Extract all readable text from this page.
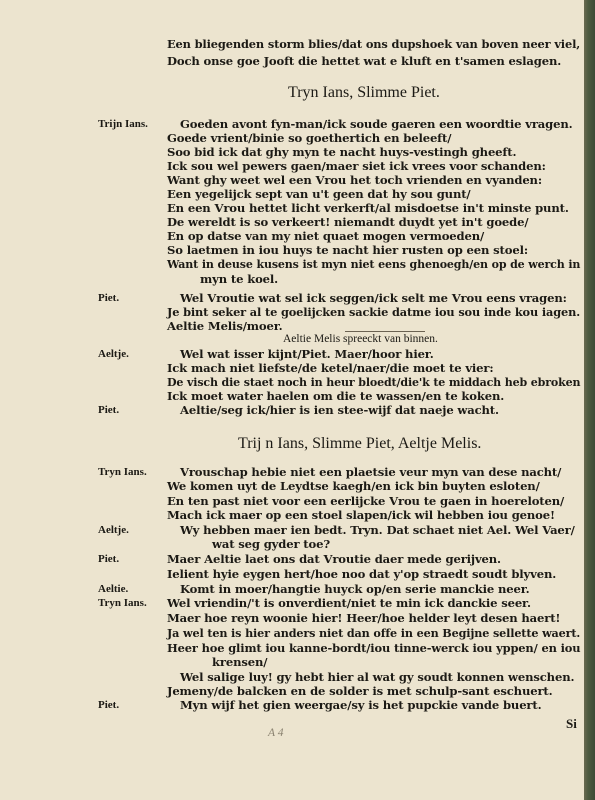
Een bliegenden storm blies/dat ons dupshoek van boven neer viel,
Doch onse goe Jooft die hettet wat e kluft en t'samen eslagen.
Tryn Ians, Slimme Piet.
Trijn Ians.
Piet.
Aeltje.
Piet.
Goeden avont fyn-man/ick soude gaeren een woordtie vragen.
Goede vrient/binie so goethertich en beleeft/
Soo bid ick dat ghy myn te nacht huys-vestingh gheeft.
Ick sou wel pewers gaen/maer siet ick vrees voor schanden:
Want ghy weet wel een Vrou het toch vrienden en vyanden:
Een yegelijck sept van u't geen dat hy sou gunt/
En een Vrou hettet licht verkerft/al misdoetse in't minste punt.
De wereldt is so verkeert! niemandt duydt yet in't goede/
En op datse van my niet quaet mogen vermoeden/
So laetmen in iou huys te nacht hier rusten op een stoel:
Want in deuse kusens ist myn niet eens ghenoegh/en op de werch in
myn te koel.
Wel Vroutie wat sel ick seggen/ick selt me Vrou eens vragen:
Je bint seker al te goelijcken sackie datme iou sou inde kou iagen.
Aeltie Melis/moer.
Aeltie Melis spreeckt van binnen.
Wel wat isser kijnt/Piet. Maer/hoor hier.
Ick mach niet liefste/de ketel/naer/die moet te vier:
De visch die staet noch in heur bloedt/die'k te middach heb ebroken
Ick moet water haelen om die te wassen/en te koken.
Aeltie/seg ick/hier is ien stee-wijf dat naeje wacht.
Trij n Ians, Slimme Piet, Aeltje Melis.
Tryn Ians.
Aeltje.
Piet.
Aeltie.
Tryn Ians.
Piet.
Vrouschap hebie niet een plaetsie veur myn van dese nacht/
We komen uyt de Leydtse kaegh/en ick bin buyten esloten/
En ten past niet voor een eerlijcke Vrou te gaen in hoereloten/
Mach ick maer op een stoel slapen/ick wil hebben iou genoe!
Wy hebben maer ien bedt. Tryn. Dat schaet niet Ael. Wel Vaer/
wat seg gyder toe?
Maer Aeltie laet ons dat Vroutie daer mede gerijven.
Ielient hyie eygen hert/hoe noo dat y'op straedt soudt blyven.
Komt in moer/hangtie huyck op/en serie manckie neer.
Wel vriendin/'t is onverdient/niet te min ick danckie seer.
Maer hoe reyn woonie hier! Heer/hoe helder leyt desen haert!
Ja wel ten is hier anders niet dan offe in een Begijne sellette waert.
Heer hoe glimt iou kanne-bordt/iou tinne-werck iou yppen/ en iou
krensen/
Wel salige luy! gy hebt hier al wat gy soudt konnen wenschen.
Jemeny/de balcken en de solder is met schulp-sant eschuert.
Myn wijf het gien weergae/sy is het pupckie vande buert.
Si
A 4
